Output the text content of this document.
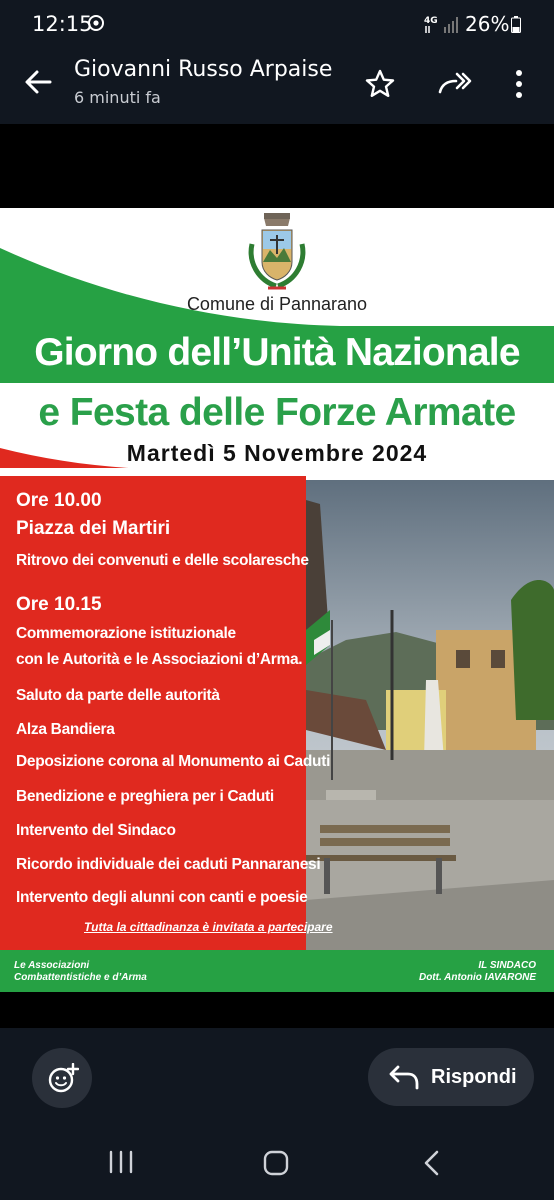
12:15	4G 26%
Giovanni Russo Arpaise
6 minuti fa
Comune di Pannarano
Giorno dell’Unità Nazionale
e Festa delle Forze Armate
Martedì 5 Novembre 2024
Ore 10.00
Piazza dei Martiri
Ritrovo dei convenuti e delle scolaresche
Ore 10.15
Commemorazione istituzionale
con le Autorità e le Associazioni d’Arma.
Saluto da parte delle autorità
Alza Bandiera
Deposizione corona al Monumento ai Caduti
Benedizione e preghiera per i Caduti
Intervento del Sindaco
Ricordo individuale dei caduti Pannaranesi
Intervento degli alunni con canti e poesie
Tutta la cittadinanza è invitata a partecipare
Le Associazioni
Combattentistiche e d’Arma
IL SINDACO
Dott. Antonio IAVARONE
Rispondi
